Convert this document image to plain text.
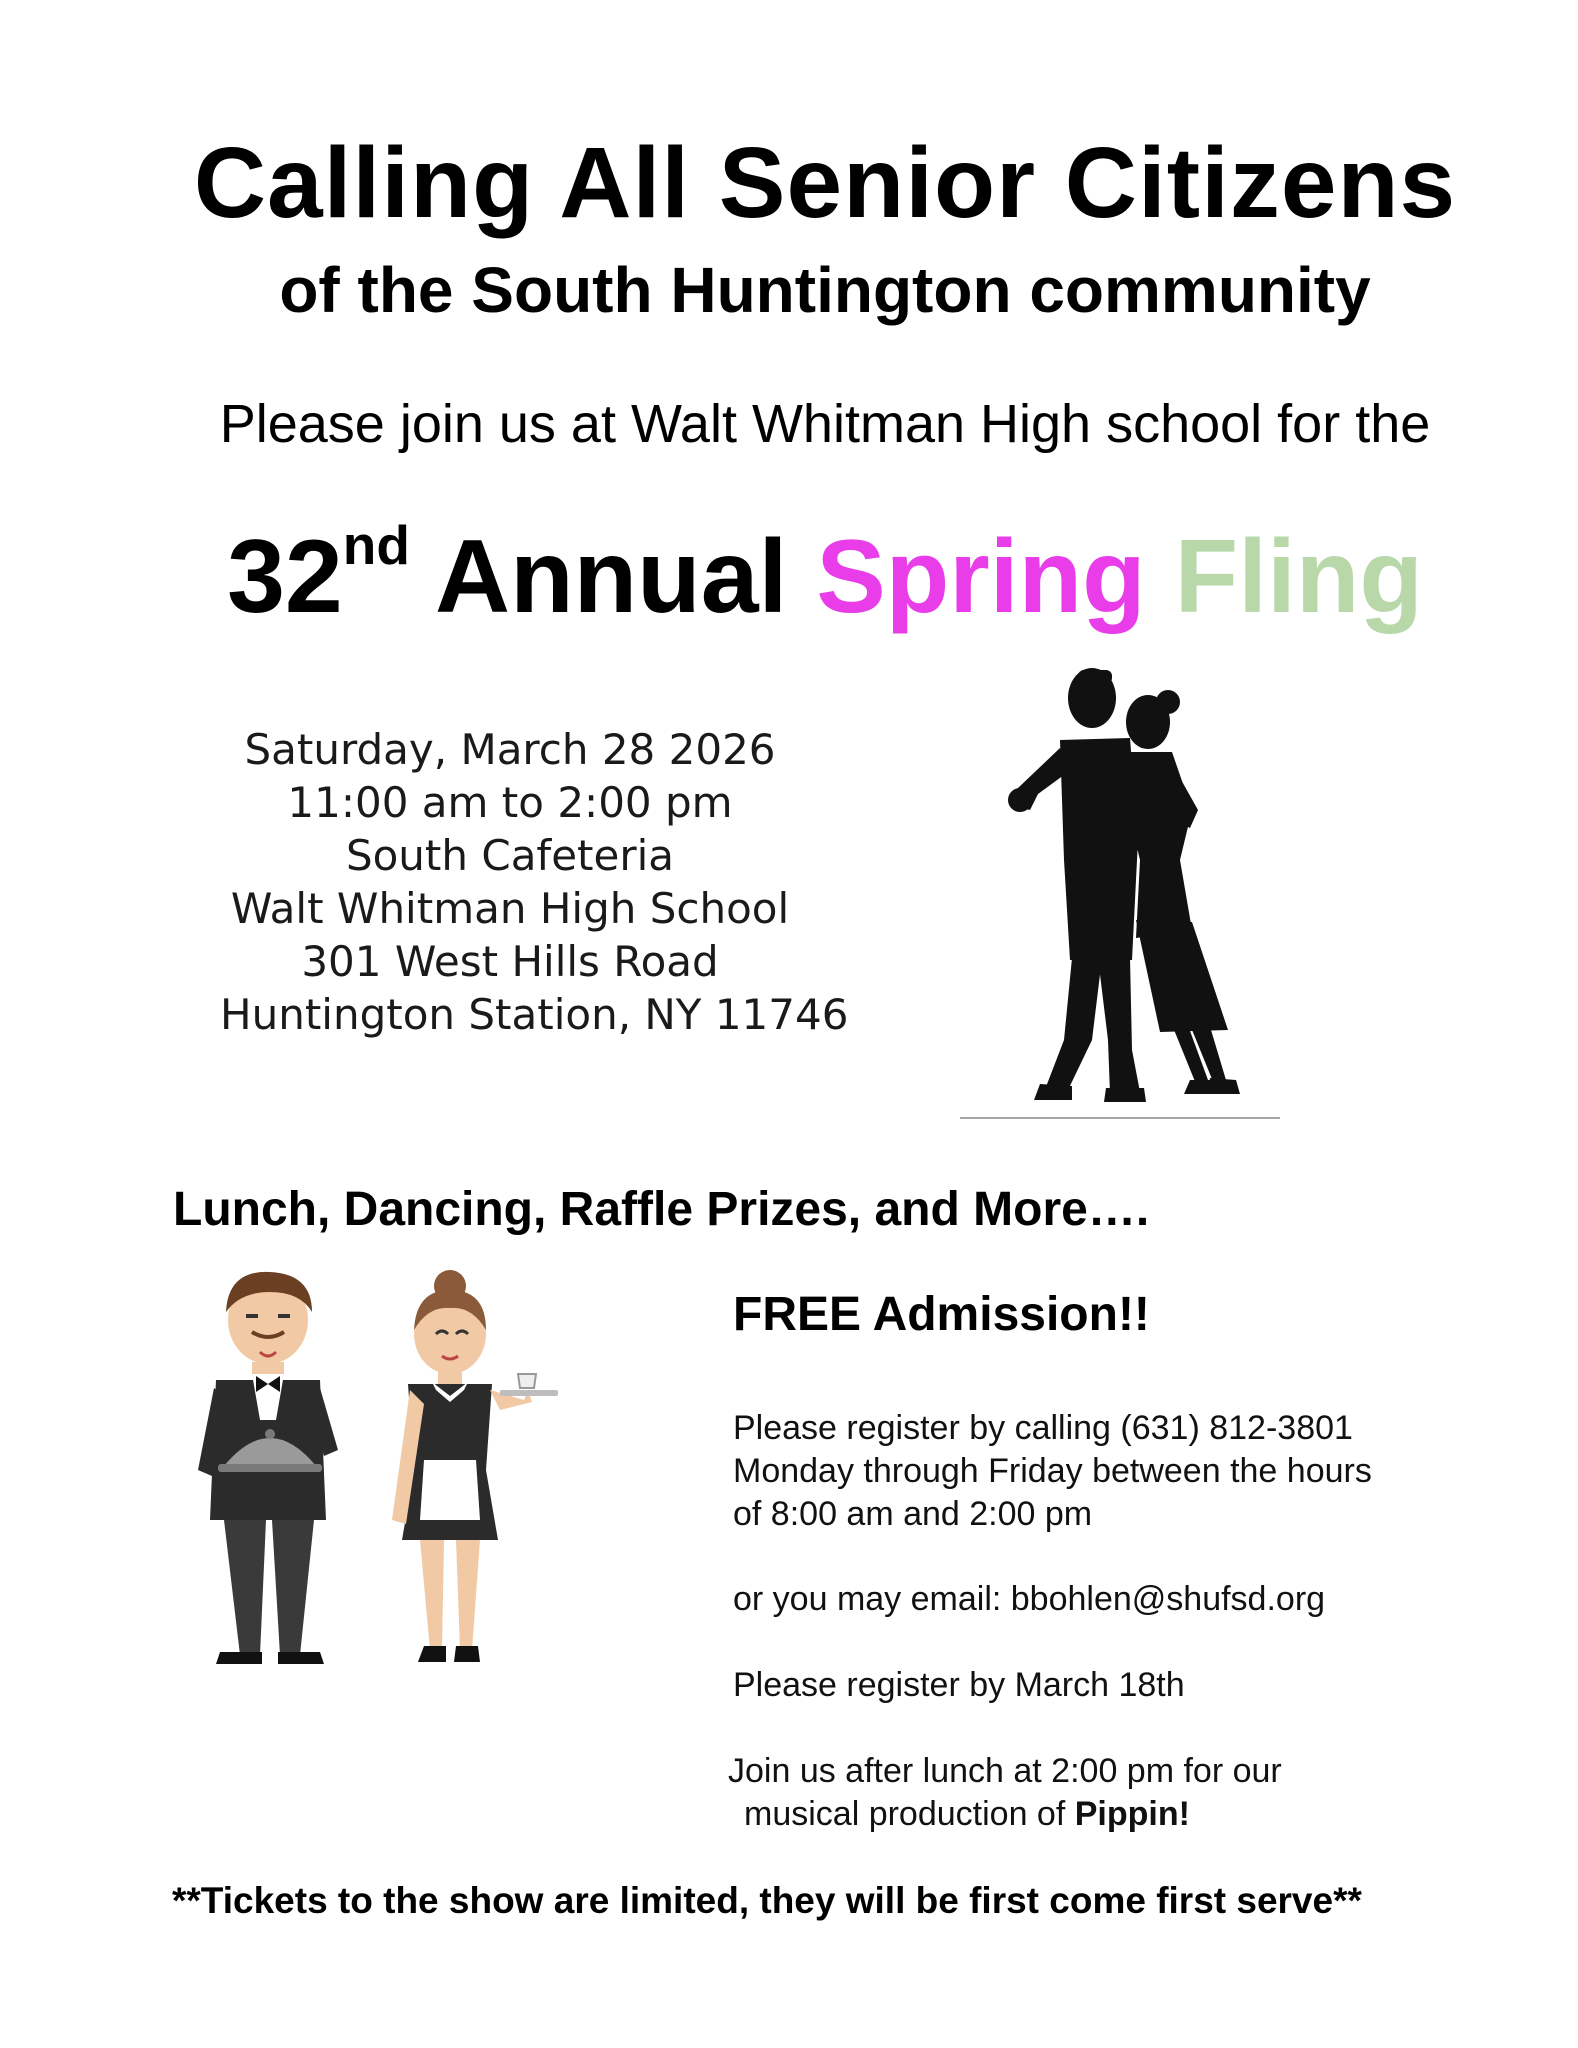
Calling All Senior Citizens
of the South Huntington community
Please join us at Walt Whitman High school for the
32nd Annual Spring Fling
Saturday, March 28 2026
11:00 am to 2:00 pm
South Cafeteria
Walt Whitman High School
301 West Hills Road
Huntington Station, NY 11746
Lunch, Dancing, Raffle Prizes, and More….
FREE Admission!!
Please register by calling (631) 812-3801
Monday through Friday between the hours
of 8:00 am and 2:00 pm
or you may email: bbohlen@shufsd.org
Please register by March 18th
Join us after lunch at 2:00 pm for our
musical production of Pippin!
**Tickets to the show are limited, they will be first come first serve**
